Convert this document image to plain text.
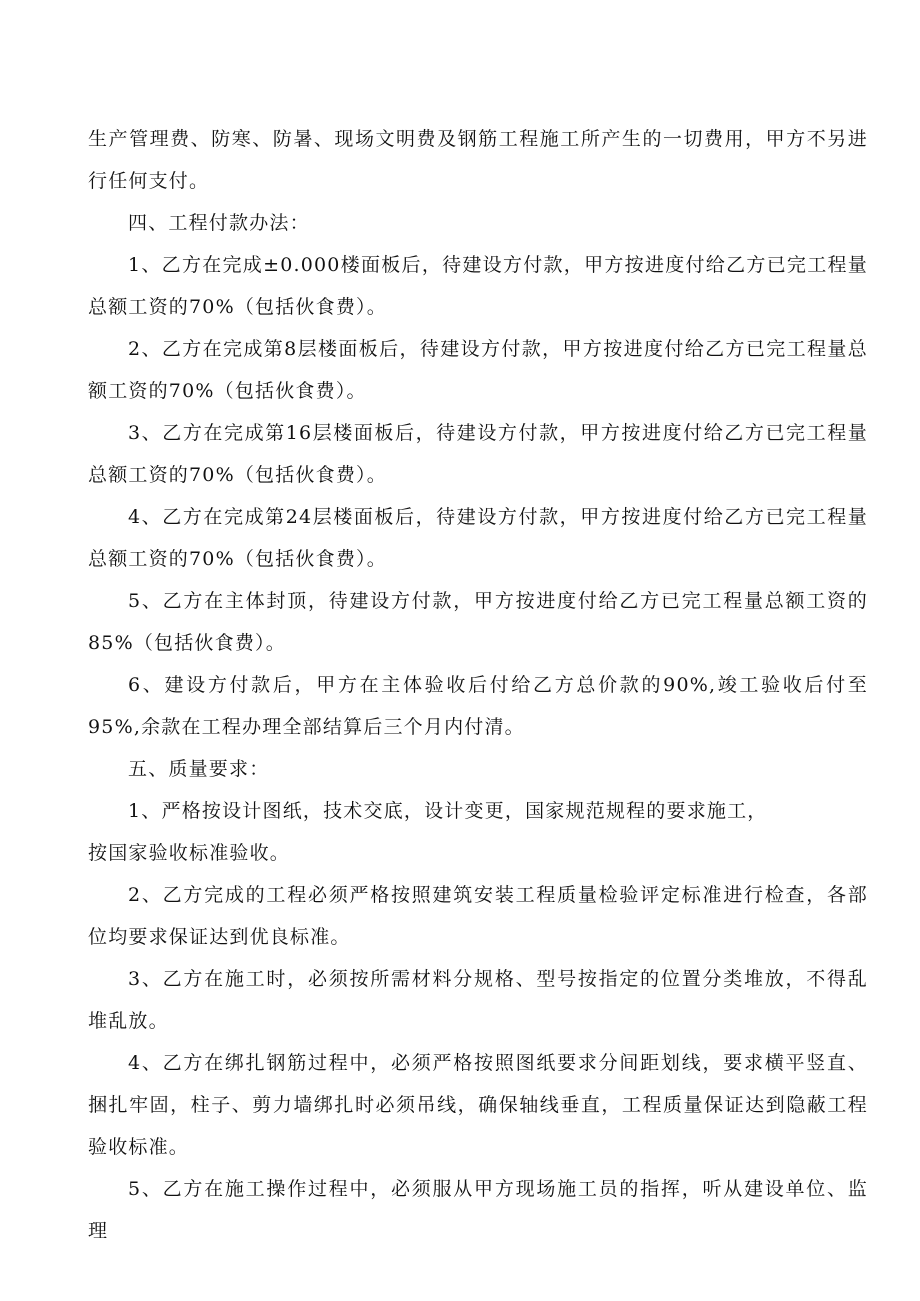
生产管理费、防寒、防暑、现场文明费及钢筋工程施工所产生的一切费用，甲方不另进行任何支付。

四、工程付款办法：

1、乙方在完成±0.000楼面板后，待建设方付款，甲方按进度付给乙方已完工程量总额工资的70%（包括伙食费）。

2、乙方在完成第8层楼面板后，待建设方付款，甲方按进度付给乙方已完工程量总额工资的70%（包括伙食费）。

3、乙方在完成第16层楼面板后，待建设方付款，甲方按进度付给乙方已完工程量总额工资的70%（包括伙食费）。

4、乙方在完成第24层楼面板后，待建设方付款，甲方按进度付给乙方已完工程量总额工资的70%（包括伙食费）。

5、乙方在主体封顶，待建设方付款，甲方按进度付给乙方已完工程量总额工资的85%（包括伙食费）。

6、建设方付款后，甲方在主体验收后付给乙方总价款的90%,竣工验收后付至95%,余款在工程办理全部结算后三个月内付清。

五、质量要求：

1、严格按设计图纸，技术交底，设计变更，国家规范规程的要求施工，

按国家验收标准验收。

2、乙方完成的工程必须严格按照建筑安装工程质量检验评定标准进行检查，各部位均要求保证达到优良标准。

3、乙方在施工时，必须按所需材料分规格、型号按指定的位置分类堆放，不得乱堆乱放。

4、乙方在绑扎钢筋过程中，必须严格按照图纸要求分间距划线，要求横平竖直、捆扎牢固，柱子、剪力墙绑扎时必须吊线，确保轴线垂直，工程质量保证达到隐蔽工程验收标准。

5、乙方在施工操作过程中，必须服从甲方现场施工员的指挥，听从建设单位、监理
